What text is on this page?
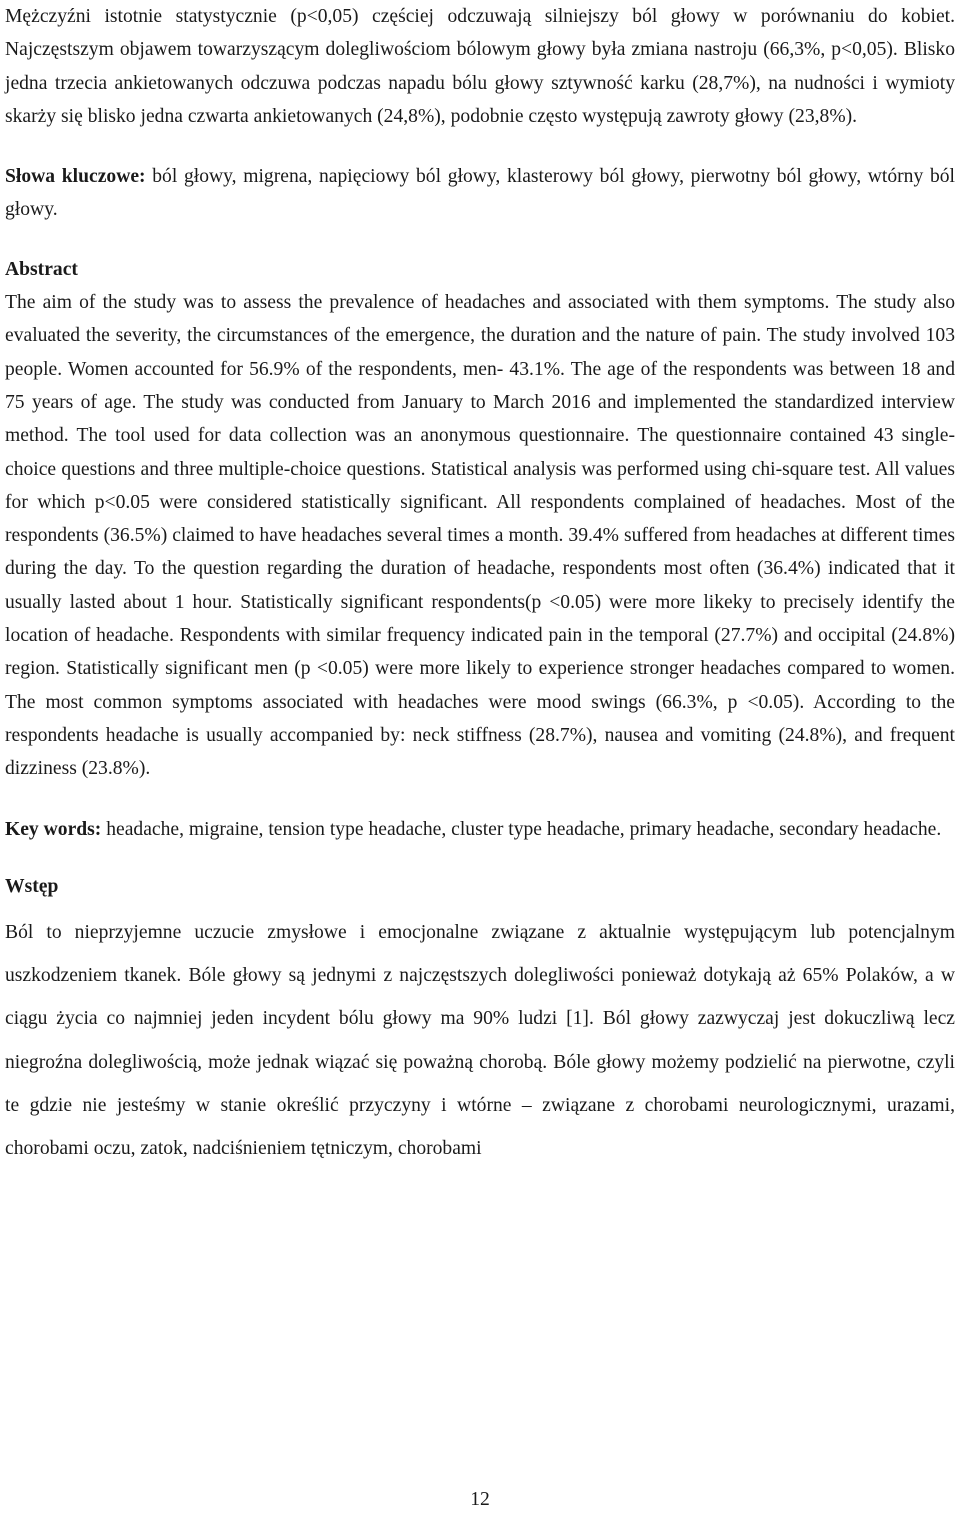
Mężczyźni istotnie statystycznie (p<0,05) częściej odczuwają silniejszy ból głowy w porównaniu do kobiet. Najczęstszym objawem towarzyszącym dolegliwościom bólowym głowy była zmiana nastroju (66,3%, p<0,05). Blisko jedna trzecia ankietowanych odczuwa podczas napadu bólu głowy sztywność karku (28,7%), na nudności i wymioty skarży się blisko jedna czwarta ankietowanych (24,8%), podobnie często występują zawroty głowy (23,8%).

Słowa kluczowe: ból głowy, migrena, napięciowy ból głowy, klasterowy ból głowy, pierwotny ból głowy, wtórny ból głowy.

Abstract

The aim of the study was to assess the prevalence of headaches and associated with them symptoms. The study also evaluated the severity, the circumstances of the emergence, the duration and the nature of pain. The study involved 103 people. Women accounted for 56.9% of the respondents, men- 43.1%. The age of the respondents was between 18 and 75 years of age. The study was conducted from January to March 2016 and implemented the standardized interview method. The tool used for data collection was an anonymous questionnaire. The questionnaire contained 43 single-choice questions and three multiple-choice questions. Statistical analysis was performed using chi-square test. All values for which p<0.05 were considered statistically significant. All respondents complained of headaches. Most of the respondents (36.5%) claimed to have headaches several times a month. 39.4% suffered from headaches at different times during the day. To the question regarding the duration of headache, respondents most often (36.4%) indicated that it usually lasted about 1 hour. Statistically significant respondents(p <0.05) were more likeky to precisely identify the location of headache. Respondents with similar frequency indicated pain in the temporal (27.7%) and occipital (24.8%) region. Statistically significant men (p <0.05) were more likely to experience stronger headaches compared to women. The most common symptoms associated with headaches were mood swings (66.3%, p <0.05). According to the respondents headache is usually accompanied by: neck stiffness (28.7%), nausea and vomiting (24.8%), and frequent dizziness (23.8%).

Key words: headache, migraine, tension type headache, cluster type headache, primary headache, secondary headache.

Wstęp

Ból to nieprzyjemne uczucie zmysłowe i emocjonalne związane z aktualnie występującym lub potencjalnym uszkodzeniem tkanek. Bóle głowy są jednymi z najczęstszych dolegliwości ponieważ dotykają aż 65% Polaków, a w ciągu życia co najmniej jeden incydent bólu głowy ma 90% ludzi [1]. Ból głowy zazwyczaj jest dokuczliwą lecz niegroźna dolegliwością, może jednak wiązać się poważną chorobą. Bóle głowy możemy podzielić na pierwotne, czyli te gdzie nie jesteśmy w stanie określić przyczyny i wtórne – związane z chorobami neurologicznymi, urazami, chorobami oczu, zatok, nadciśnieniem tętniczym, chorobami

12
